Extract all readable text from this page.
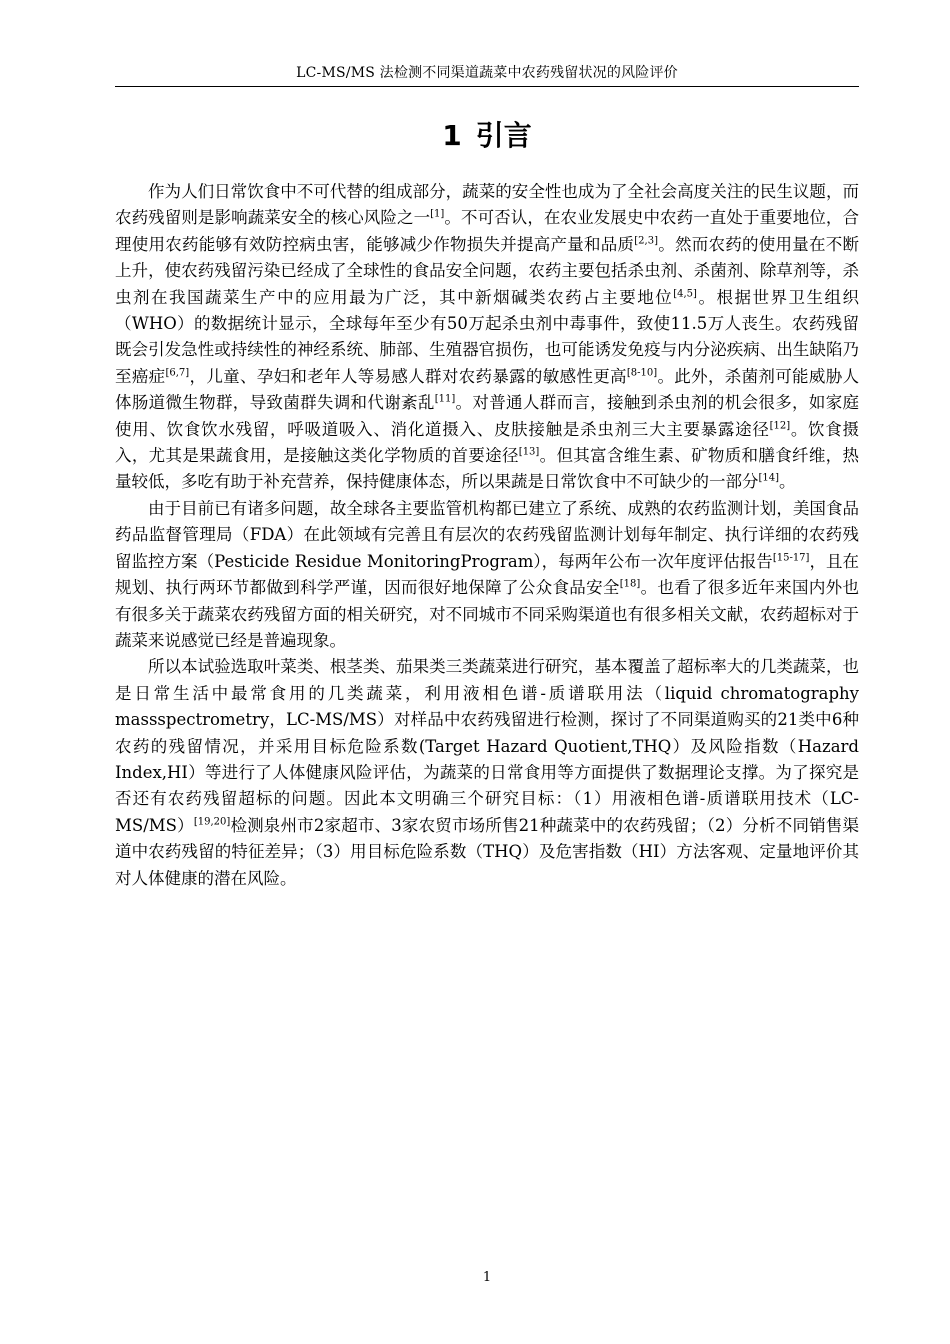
LC-MS/MS 法检测不同渠道蔬菜中农药残留状况的风险评价
1 引言

作为人们日常饮食中不可代替的组成部分，蔬菜的安全性也成为了全社会高度关注的民生议题，而农药残留则是影响蔬菜安全的核心风险之一[1]。不可否认，在农业发展史中农药一直处于重要地位，合理使用农药能够有效防控病虫害，能够减少作物损失并提高产量和品质[2,3]。然而农药的使用量在不断上升，使农药残留污染已经成了全球性的食品安全问题，农药主要包括杀虫剂、杀菌剂、除草剂等，杀虫剂在我国蔬菜生产中的应用最为广泛，其中新烟碱类农药占主要地位[4,5]。根据世界卫生组织（WHO）的数据统计显示，全球每年至少有50万起杀虫剂中毒事件，致使11.5万人丧生。农药残留既会引发急性或持续性的神经系统、肺部、生殖器官损伤，也可能诱发免疫与内分泌疾病、出生缺陷乃至癌症[6,7]，儿童、孕妇和老年人等易感人群对农药暴露的敏感性更高[8-10]。此外，杀菌剂可能威胁人体肠道微生物群，导致菌群失调和代谢紊乱[11]。对普通人群而言，接触到杀虫剂的机会很多，如家庭使用、饮食饮水残留，呼吸道吸入、消化道摄入、皮肤接触是杀虫剂三大主要暴露途径[12]。饮食摄入，尤其是果蔬食用，是接触这类化学物质的首要途径[13]。但其富含维生素、矿物质和膳食纤维，热量较低，多吃有助于补充营养，保持健康体态，所以果蔬是日常饮食中不可缺少的一部分[14]。

由于目前已有诸多问题，故全球各主要监管机构都已建立了系统、成熟的农药监测计划，美国食品药品监督管理局（FDA）在此领域有完善且有层次的农药残留监测计划每年制定、执行详细的农药残留监控方案（Pesticide Residue MonitoringProgram），每两年公布一次年度评估报告[15-17]，且在规划、执行两环节都做到科学严谨，因而很好地保障了公众食品安全[18]。也看了很多近年来国内外也有很多关于蔬菜农药残留方面的相关研究，对不同城市不同采购渠道也有很多相关文献，农药超标对于蔬菜来说感觉已经是普遍现象。

所以本试验选取叶菜类、根茎类、茄果类三类蔬菜进行研究，基本覆盖了超标率大的几类蔬菜，也是日常生活中最常食用的几类蔬菜，利用液相色谱-质谱联用法（liquid chromatography massspectrometry，LC-MS/MS）对样品中农药残留进行检测，探讨了不同渠道购买的21类中6种农药的残留情况，并采用目标危险系数(Target Hazard Quotient,THQ）及风险指数（Hazard Index,HI）等进行了人体健康风险评估，为蔬菜的日常食用等方面提供了数据理论支撑。为了探究是否还有农药残留超标的问题。因此本文明确三个研究目标：（1）用液相色谱-质谱联用技术（LC-MS/MS）[19,20]检测泉州市2家超市、3家农贸市场所售21种蔬菜中的农药残留；（2）分析不同销售渠道中农药残留的特征差异；（3）用目标危险系数（THQ）及危害指数（HI）方法客观、定量地评价其对人体健康的潜在风险。

1
